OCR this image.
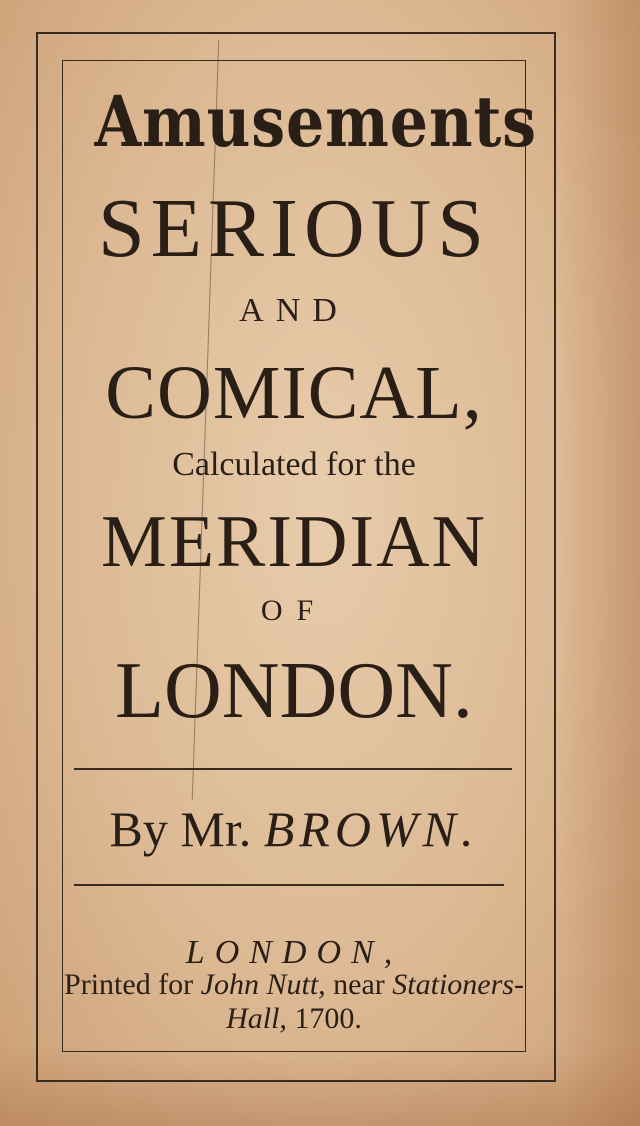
Amusements
SERIOUS
AND
COMICAL,
Calculated for the
MERIDIAN
OF
LONDON.
By Mr. BROWN.
LONDON,
Printed for John Nutt, near Stationers-
Hall, 1700.
